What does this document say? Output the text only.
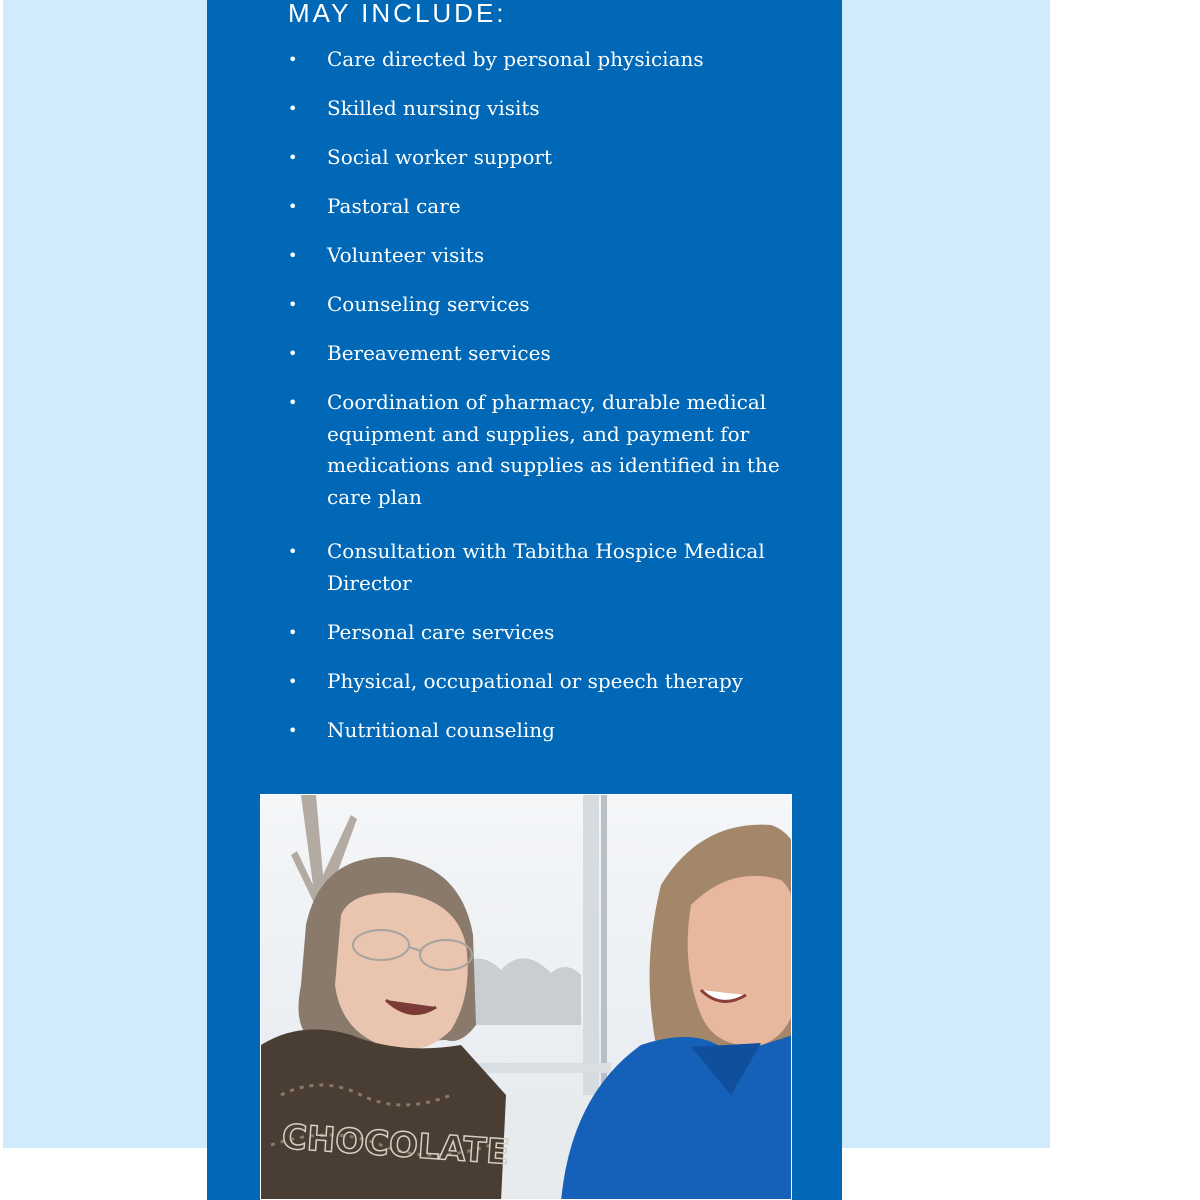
MAY INCLUDE:
• Care directed by personal physicians
• Skilled nursing visits
• Social worker support
• Pastoral care
• Volunteer visits
• Counseling services
• Bereavement services
• Coordination of pharmacy, durable medical equipment and supplies, and payment for medications and supplies as identified in the care plan
• Consultation with Tabitha Hospice Medical Director
• Personal care services
• Physical, occupational or speech therapy
• Nutritional counseling
CHOCOLATE
